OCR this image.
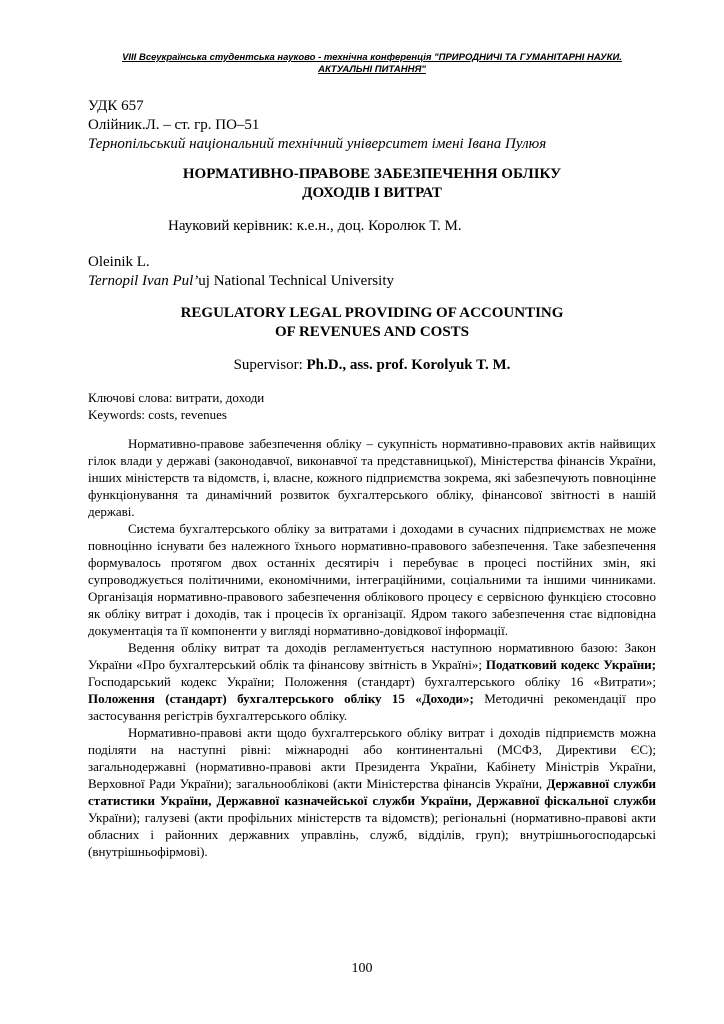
VIII Всеукраїнська студентська науково - технічна конференція "ПРИРОДНИЧІ ТА ГУМАНІТАРНІ НАУКИ.
АКТУАЛЬНІ ПИТАННЯ"
УДК 657
Олійник.Л. – ст. гр. ПО–51
Тернопільський національний технічний університет імені Івана Пулюя
НОРМАТИВНО-ПРАВОВЕ ЗАБЕЗПЕЧЕННЯ ОБЛІКУ
ДОХОДІВ І ВИТРАТ
Науковий керівник: к.е.н., доц. Королюк Т. М.
Oleinik L.
Ternopil Ivan Pul’uj National Technical University
REGULATORY LEGAL PROVIDING OF ACCOUNTING
OF REVENUES AND COSTS
Supervisor: Ph.D., ass. prof. Korolyuk T. M.
Ключові слова: витрати, доходи
Keywords: costs, revenues

Нормативно-правове забезпечення обліку – сукупність нормативно-правових актів найвищих гілок влади у державі (законодавчої, виконавчої та представницької), Міністерства фінансів України, інших міністерств та відомств, і, власне, кожного підприємства зокрема, які забезпечують повноцінне функціонування та динамічний розвиток бухгалтерського обліку, фінансової звітності в нашій державі.

Система бухгалтерського обліку за витратами і доходами в сучасних підприємствах не може повноцінно існувати без належного їхнього нормативно-правового забезпечення. Таке забезпечення формувалось протягом двох останніх десятиріч і перебуває в процесі постійних змін, які супроводжується політичними, економічними, інтеграційними, соціальними та іншими чинниками. Організація нормативно-правового забезпечення облікового процесу є сервісною функцією стосовно як обліку витрат і доходів, так і процесів їх організації. Ядром такого забезпечення стає відповідна документація та її компоненти у вигляді нормативно-довідкової інформації.

Ведення обліку витрат та доходів регламентується наступною нормативною базою: Закон України «Про бухгалтерський облік та фінансову звітність в Україні»; Податковий кодекс України; Господарський кодекс України; Положення (стандарт) бухгалтерського обліку 16 «Витрати»; Положення (стандарт) бухгалтерського обліку 15 «Доходи»; Методичні рекомендації про застосування регістрів бухгалтерського обліку.

Нормативно-правові акти щодо бухгалтерського обліку витрат і доходів підприємств можна поділяти на наступні рівні: міжнародні або континентальні (МСФЗ, Директиви ЄС); загальнодержавні (нормативно-правові акти Президента України, Кабінету Міністрів України, Верховної Ради України); загальнооблікові (акти Міністерства фінансів України, Державної служби статистики України, Державної казначейської служби України, Державної фіскальної служби України); галузеві (акти профільних міністерств та відомств); регіональні (нормативно-правові акти обласних і районних державних управлінь, служб, відділів, груп); внутрішньогосподарські (внутрішньофірмові).

100
